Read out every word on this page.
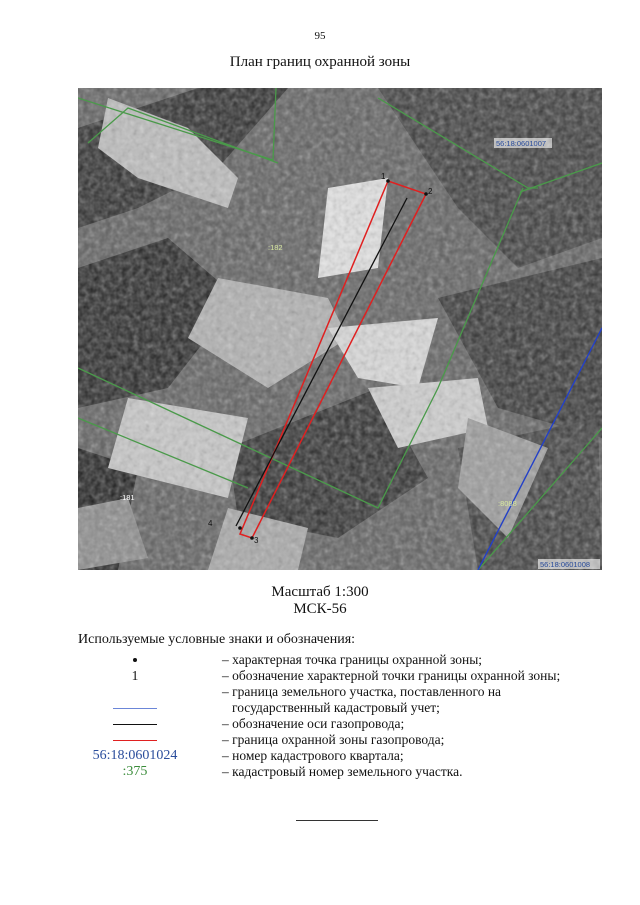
95
План границ охранной зоны
1
2
3
4
56:18:0601007
56:18:0601008
:182
:181
:8088
Масштаб 1:300
МСК-56
Используемые условные знаки и обозначения:
– характерная точка границы охранной зоны;
1	– обозначение характерной точки границы охранной зоны;
– граница земельного участка, поставленного на
государственный кадастровый учет;
– обозначение оси газопровода;
– граница охранной зоны газопровода;
56:18:0601024	– номер кадастрового квартала;
:375	– кадастровый номер земельного участка.
